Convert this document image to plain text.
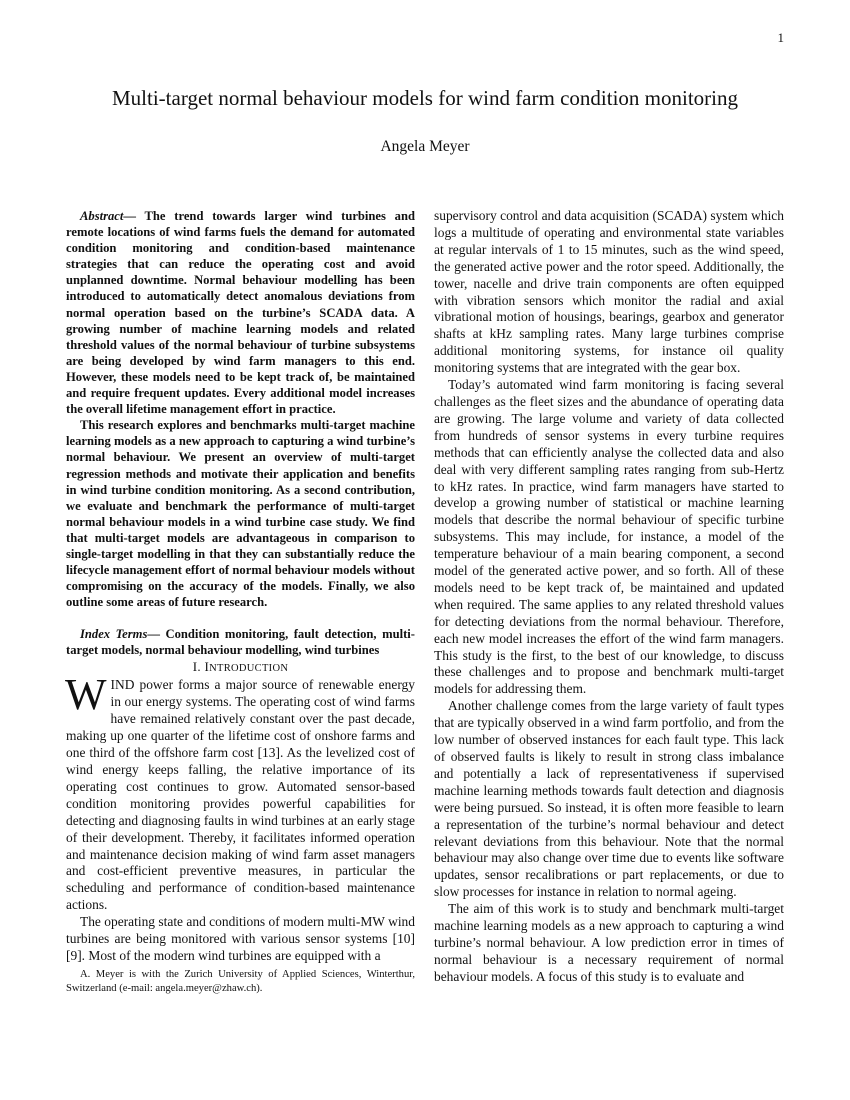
1
Multi-target normal behaviour models for wind farm condition monitoring
Angela Meyer

Abstract— The trend towards larger wind turbines and remote locations of wind farms fuels the demand for automated condition monitoring and condition-based maintenance strategies that can reduce the operating cost and avoid unplanned downtime. Normal behaviour modelling has been introduced to automatically detect anomalous deviations from normal operation based on the turbine’s SCADA data. A growing number of machine learning models and related threshold values of the normal behaviour of turbine subsystems are being developed by wind farm managers to this end. However, these models need to be kept track of, be maintained and require frequent updates. Every additional model increases the overall lifetime management effort in practice.

This research explores and benchmarks multi-target machine learning models as a new approach to capturing a wind turbine’s normal behaviour. We present an overview of multi-target regression methods and motivate their application and benefits in wind turbine condition monitoring. As a second contribution, we evaluate and benchmark the performance of multi-target normal behaviour models in a wind turbine case study. We find that multi-target models are advantageous in comparison to single-target modelling in that they can substantially reduce the lifecycle management effort of normal behaviour models without compromising on the accuracy of the models. Finally, we also outline some areas of future research.

Index Terms— Condition monitoring, fault detection, multi-target models, normal behaviour modelling, wind turbines

I. INTRODUCTION

WIND power forms a major source of renewable energy in our energy systems. The operating cost of wind farms have remained relatively constant over the past decade, making up one quarter of the lifetime cost of onshore farms and one third of the offshore farm cost [13]. As the levelized cost of wind energy keeps falling, the relative importance of its operating cost continues to grow. Automated sensor-based condition monitoring provides powerful capabilities for detecting and diagnosing faults in wind turbines at an early stage of their development. Thereby, it facilitates informed operation and maintenance decision making of wind farm asset managers and cost-efficient preventive measures, in particular the scheduling and performance of condition-based maintenance actions.

The operating state and conditions of modern multi-MW wind turbines are being monitored with various sensor systems [10][9]. Most of the modern wind turbines are equipped with a

A. Meyer is with the Zurich University of Applied Sciences, Winterthur, Switzerland (e-mail: angela.meyer@zhaw.ch).

supervisory control and data acquisition (SCADA) system which logs a multitude of operating and environmental state variables at regular intervals of 1 to 15 minutes, such as the wind speed, the generated active power and the rotor speed. Additionally, the tower, nacelle and drive train components are often equipped with vibration sensors which monitor the radial and axial vibrational motion of housings, bearings, gearbox and generator shafts at kHz sampling rates. Many large turbines comprise additional monitoring systems, for instance oil quality monitoring systems that are integrated with the gear box.

Today’s automated wind farm monitoring is facing several challenges as the fleet sizes and the abundance of operating data are growing. The large volume and variety of data collected from hundreds of sensor systems in every turbine requires methods that can efficiently analyse the collected data and also deal with very different sampling rates ranging from sub-Hertz to kHz rates. In practice, wind farm managers have started to develop a growing number of statistical or machine learning models that describe the normal behaviour of specific turbine subsystems. This may include, for instance, a model of the temperature behaviour of a main bearing component, a second model of the generated active power, and so forth. All of these models need to be kept track of, be maintained and updated when required. The same applies to any related threshold values for detecting deviations from the normal behaviour. Therefore, each new model increases the effort of the wind farm managers. This study is the first, to the best of our knowledge, to discuss these challenges and to propose and benchmark multi-target models for addressing them.

Another challenge comes from the large variety of fault types that are typically observed in a wind farm portfolio, and from the low number of observed instances for each fault type. This lack of observed faults is likely to result in strong class imbalance and potentially a lack of representativeness if supervised machine learning methods towards fault detection and diagnosis were being pursued. So instead, it is often more feasible to learn a representation of the turbine’s normal behaviour and detect relevant deviations from this behaviour. Note that the normal behaviour may also change over time due to events like software updates, sensor recalibrations or part replacements, or due to slow processes for instance in relation to normal ageing.

The aim of this work is to study and benchmark multi-target machine learning models as a new approach to capturing a wind turbine’s normal behaviour. A low prediction error in times of normal behaviour is a necessary requirement of normal behaviour models. A focus of this study is to evaluate and
